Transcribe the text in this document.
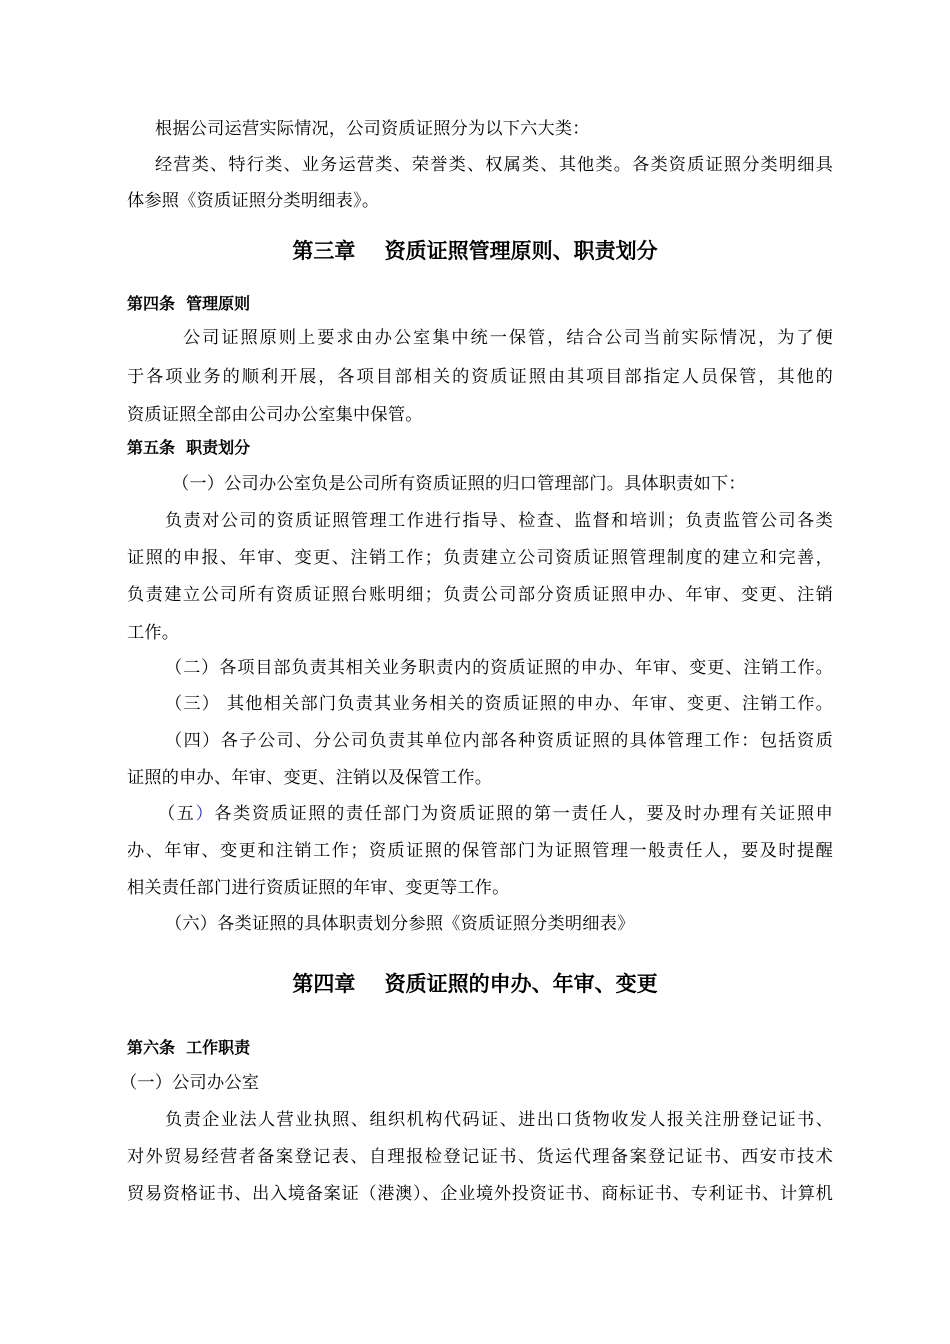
根据公司运营实际情况，公司资质证照分为以下六大类：
经营类、特行类、业务运营类、荣誉类、权属类、其他类。各类资质证照分类明细具
体参照《资质证照分类明细表》。
第三章    资质证照管理原则、职责划分
第四条  管理原则
公司证照原则上要求由办公室集中统一保管，结合公司当前实际情况，为了便
于各项业务的顺利开展，各项目部相关的资质证照由其项目部指定人员保管，其他的
资质证照全部由公司办公室集中保管。
第五条  职责划分
（一）公司办公室负是公司所有资质证照的归口管理部门。具体职责如下：
负责对公司的资质证照管理工作进行指导、检查、监督和培训；负责监管公司各类
证照的申报、年审、变更、注销工作；负责建立公司资质证照管理制度的建立和完善，
负责建立公司所有资质证照台账明细；负责公司部分资质证照申办、年审、变更、注销
工作。
（二）各项目部负责其相关业务职责内的资质证照的申办、年审、变更、注销工作。
（三） 其他相关部门负责其业务相关的资质证照的申办、年审、变更、注销工作。
（四）各子公司、分公司负责其单位内部各种资质证照的具体管理工作：包括资质
证照的申办、年审、变更、注销以及保管工作。
（五）各类资质证照的责任部门为资质证照的第一责任人，要及时办理有关证照申
办、年审、变更和注销工作；资质证照的保管部门为证照管理一般责任人，要及时提醒
相关责任部门进行资质证照的年审、变更等工作。
（六）各类证照的具体职责划分参照《资质证照分类明细表》
第四章    资质证照的申办、年审、变更
第六条  工作职责
（一）公司办公室
负责企业法人营业执照、组织机构代码证、进出口货物收发人报关注册登记证书、
对外贸易经营者备案登记表、自理报检登记证书、货运代理备案登记证书、西安市技术
贸易资格证书、出入境备案证（港澳）、企业境外投资证书、商标证书、专利证书、计算机
